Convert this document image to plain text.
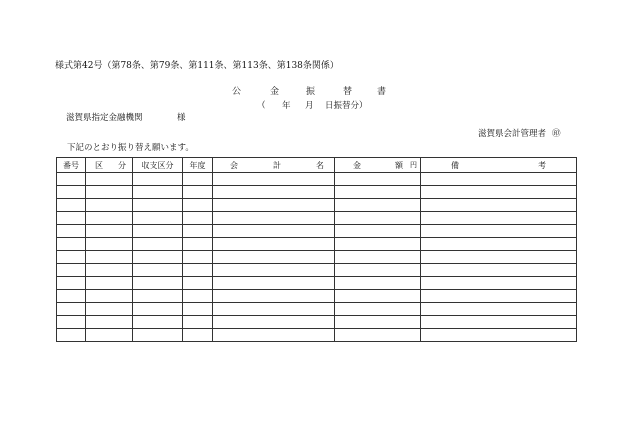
様式第42号（第78条、第79条、第111条、第113条、第138条関係）
公	金	振	替	書
（ 年 月 日振替分）
滋賀県指定金融機関	様
滋賀県会計管理者 ㊞
下記のとおり振り替え願います。
番号	区 分	収支区分	年度	会 計 名	金 額 円	備 考
